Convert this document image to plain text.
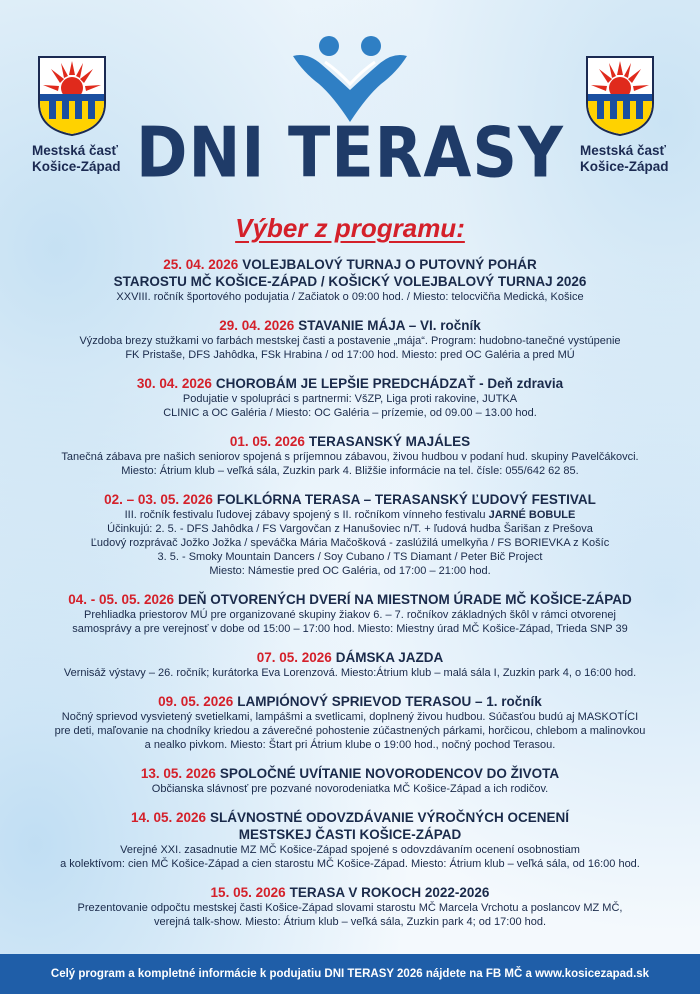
Mestská časť
Košice-Západ
Mestská časť
Košice-Západ
DNI TERASY
Výber z programu:
25. 04. 2026 VOLEJBALOVÝ TURNAJ O PUTOVNÝ POHÁR
STAROSTU MČ KOŠICE-ZÁPAD / KOŠICKÝ VOLEJBALOVÝ TURNAJ 2026
XXVIII. ročník športového podujatia / Začiatok o 09:00 hod. / Miesto: telocvičňa Medická, Košice
29. 04. 2026 STAVANIE MÁJA – VI. ročník
Výzdoba brezy stužkami vo farbách mestskej časti a postavenie „mája“. Program: hudobno-tanečné vystúpenie
FK Pristaše, DFS Jahôdka, FSk Hrabina / od 17:00 hod. Miesto: pred OC Galéria a pred MÚ
30. 04. 2026 CHOROBÁM JE LEPŠIE PREDCHÁDZAŤ - Deň zdravia
Podujatie v spolupráci s partnermi: VšZP, Liga proti rakovine, JUTKA
CLINIC a OC Galéria / Miesto: OC Galéria – prízemie, od 09.00 – 13.00 hod.
01. 05. 2026 TERASANSKÝ MAJÁLES
Tanečná zábava pre našich seniorov spojená s príjemnou zábavou, živou hudbou v podaní hud. skupiny Pavelčákovci.
Miesto: Átrium klub – veľká sála, Zuzkin park 4. Bližšie informácie na tel. čísle: 055/642 62 85.
02. – 03. 05. 2026 FOLKLÓRNA TERASA – TERASANSKÝ ĽUDOVÝ FESTIVAL
III. ročník festivalu ľudovej zábavy spojený s II. ročníkom vínneho festivalu JARNÉ BOBULE
Účinkujú: 2. 5. - DFS Jahôdka / FS Vargovčan z Hanušoviec n/T. + ľudová hudba Šarišan z Prešova
Ľudový rozprávač Jožko Jožka / speváčka Mária Mačošková - zaslúžilá umelkyňa / FS BORIEVKA z Košíc
3. 5. - Smoky Mountain Dancers / Soy Cubano / TS Diamant / Peter Bič Project
Miesto: Námestie pred OC Galéria, od 17:00 – 21:00 hod.
04. - 05. 05. 2026 DEŇ OTVORENÝCH DVERÍ NA MIESTNOM ÚRADE MČ KOŠICE-ZÁPAD
Prehliadka priestorov MÚ pre organizované skupiny žiakov 6. – 7. ročníkov základných škôl v rámci otvorenej
samosprávy a pre verejnosť v dobe od 15:00 – 17:00 hod. Miesto: Miestny úrad MČ Košice-Západ, Trieda SNP 39
07. 05. 2026 DÁMSKA JAZDA
Vernisáž výstavy – 26. ročník; kurátorka Eva Lorenzová. Miesto:Átrium klub – malá sála I, Zuzkin park 4, o 16:00 hod.
09. 05. 2026 LAMPIÓNOVÝ SPRIEVOD TERASOU – 1. ročník
Nočný sprievod vysvietený svetielkami, lampášmi a svetlicami, doplnený živou hudbou. Súčasťou budú aj MASKOTÍCI
pre deti, maľovanie na chodníky kriedou a záverečné pohostenie zúčastnených párkami, horčicou, chlebom a malinovkou
a nealko pivkom. Miesto: Štart pri Átrium klube o 19:00 hod., nočný pochod Terasou.
13. 05. 2026 SPOLOČNÉ UVÍTANIE NOVORODENCOV DO ŽIVOTA
Občianska slávnosť pre pozvané novorodeniatka MČ Košice-Západ a ich rodičov.
14. 05. 2026 SLÁVNOSTNÉ ODOVZDÁVANIE VÝROČNÝCH OCENENÍ
MESTSKEJ ČASTI KOŠICE-ZÁPAD
Verejné XXI. zasadnutie MZ MČ Košice-Západ spojené s odovzdávaním ocenení osobnostiam
a kolektívom: cien MČ Košice-Západ a cien starostu MČ Košice-Západ. Miesto: Átrium klub – veľká sála, od 16:00 hod.
15. 05. 2026 TERASA V ROKOCH 2022-2026
Prezentovanie odpočtu mestskej časti Košice-Západ slovami starostu MČ Marcela Vrchotu a poslancov MZ MČ,
verejná talk-show. Miesto: Átrium klub – veľká sála, Zuzkin park 4; od 17:00 hod.
Celý program a kompletné informácie k podujatiu DNI TERASY 2026 nájdete na FB MČ a www.kosicezapad.sk
